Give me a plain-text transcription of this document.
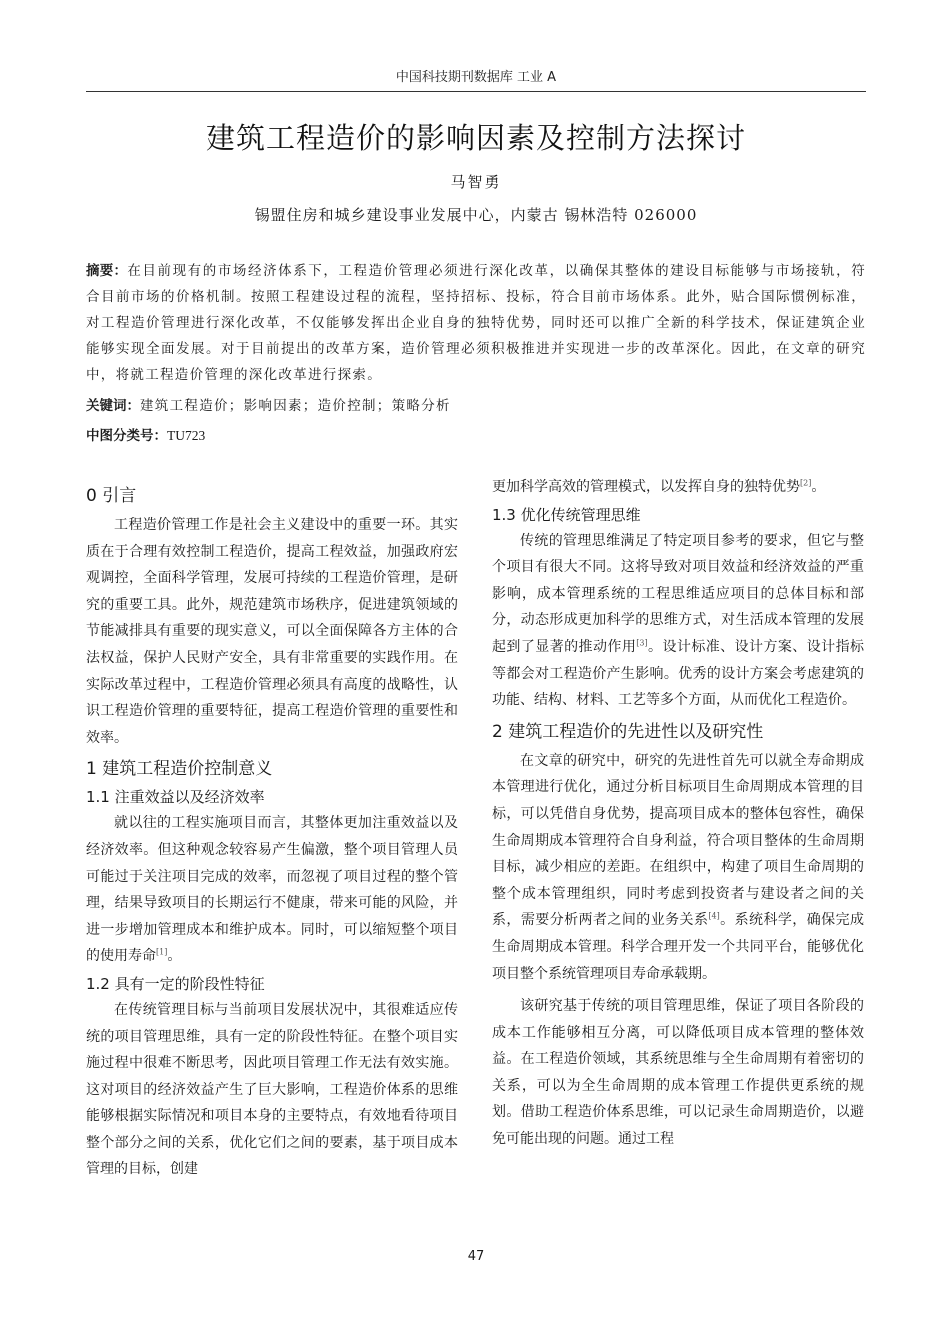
中国科技期刊数据库 工业 A
建筑工程造价的影响因素及控制方法探讨
马智勇
锡盟住房和城乡建设事业发展中心，内蒙古 锡林浩特 026000
摘要：在目前现有的市场经济体系下，工程造价管理必须进行深化改革，以确保其整体的建设目标能够与市场接轨，符合目前市场的价格机制。按照工程建设过程的流程，坚持招标、投标，符合目前市场体系。此外，贴合国际惯例标准，对工程造价管理进行深化改革，不仅能够发挥出企业自身的独特优势，同时还可以推广全新的科学技术，保证建筑企业能够实现全面发展。对于目前提出的改革方案，造价管理必须积极推进并实现进一步的改革深化。因此，在文章的研究中，将就工程造价管理的深化改革进行探索。
关键词：建筑工程造价；影响因素；造价控制；策略分析
中图分类号：TU723
0 引言

工程造价管理工作是社会主义建设中的重要一环。其实质在于合理有效控制工程造价，提高工程效益，加强政府宏观调控，全面科学管理，发展可持续的工程造价管理，是研究的重要工具。此外，规范建筑市场秩序，促进建筑领域的节能减排具有重要的现实意义，可以全面保障各方主体的合法权益，保护人民财产安全，具有非常重要的实践作用。在实际改革过程中，工程造价管理必须具有高度的战略性，认识工程造价管理的重要特征，提高工程造价管理的重要性和效率。

1 建筑工程造价控制意义
1.1 注重效益以及经济效率

就以往的工程实施项目而言，其整体更加注重效益以及经济效率。但这种观念较容易产生偏激，整个项目管理人员可能过于关注项目完成的效率，而忽视了项目过程的整个管理，结果导致项目的长期运行不健康，带来可能的风险，并进一步增加管理成本和维护成本。同时，可以缩短整个项目的使用寿命[1]。

1.2 具有一定的阶段性特征

在传统管理目标与当前项目发展状况中，其很难适应传统的项目管理思维，具有一定的阶段性特征。在整个项目实施过程中很难不断思考，因此项目管理工作无法有效实施。这对项目的经济效益产生了巨大影响，工程造价体系的思维能够根据实际情况和项目本身的主要特点，有效地看待项目整个部分之间的关系，优化它们之间的要素，基于项目成本管理的目标，创建

更加科学高效的管理模式，以发挥自身的独特优势[2]。

1.3 优化传统管理思维

传统的管理思维满足了特定项目参考的要求，但它与整个项目有很大不同。这将导致对项目效益和经济效益的严重影响，成本管理系统的工程思维适应项目的总体目标和部分，动态形成更加科学的思维方式，对生活成本管理的发展起到了显著的推动作用[3]。设计标准、设计方案、设计指标等都会对工程造价产生影响。优秀的设计方案会考虑建筑的功能、结构、材料、工艺等多个方面，从而优化工程造价。

2 建筑工程造价的先进性以及研究性

在文章的研究中，研究的先进性首先可以就全寿命期成本管理进行优化，通过分析目标项目生命周期成本管理的目标，可以凭借自身优势，提高项目成本的整体包容性，确保生命周期成本管理符合自身利益，符合项目整体的生命周期目标，减少相应的差距。在组织中，构建了项目生命周期的整个成本管理组织，同时考虑到投资者与建设者之间的关系，需要分析两者之间的业务关系[4]。系统科学，确保完成生命周期成本管理。科学合理开发一个共同平台，能够优化项目整个系统管理项目寿命承载期。

该研究基于传统的项目管理思维，保证了项目各阶段的成本工作能够相互分离，可以降低项目成本管理的整体效益。在工程造价领域，其系统思维与全生命周期有着密切的关系，可以为全生命周期的成本管理工作提供更系统的规划。借助工程造价体系思维，可以记录生命周期造价，以避免可能出现的问题。通过工程

47
